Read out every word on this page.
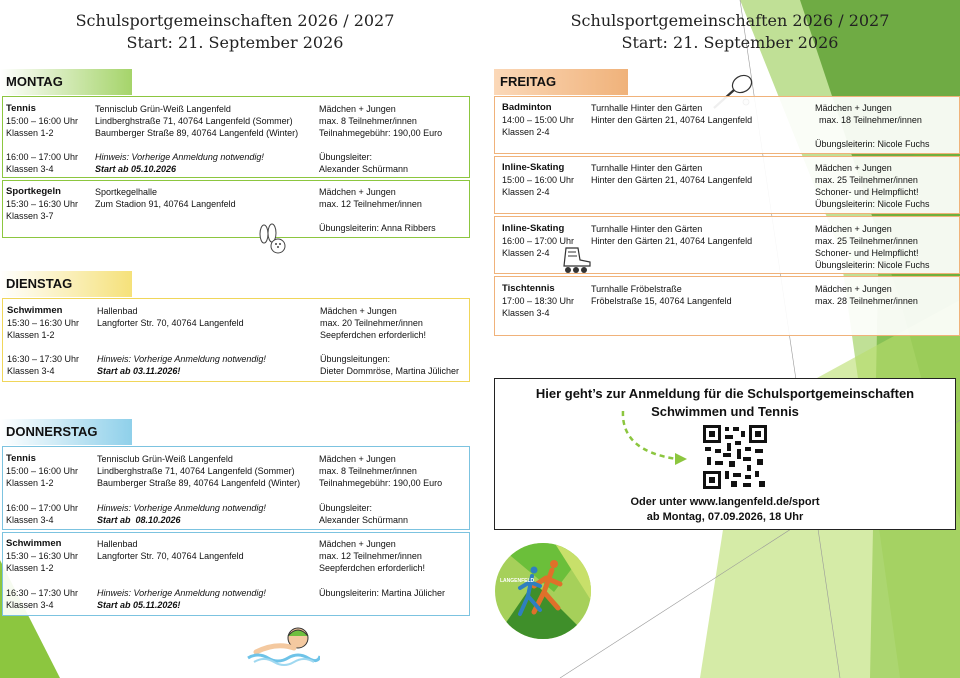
Schulsportgemeinschaften 2026 / 2027
Start: 21. September 2026
Schulsportgemeinschaften 2026 / 2027
Start: 21. September 2026
MONTAG
Tennis
15:00 – 16:00 Uhr
Klassen 1-2
16:00 – 17:00 Uhr
Klassen 3-4
Tennisclub Grün-Weiß Langenfeld
Lindberghstraße 71, 40764 Langenfeld (Sommer)
Baumberger Straße 89, 40764 Langenfeld (Winter)
Hinweis: Vorherige Anmeldung notwendig!
Start ab 05.10.2026
Mädchen + Jungen
max. 8 Teilnehmer/innen
Teilnahmegebühr: 190,00 Euro
Übungsleiter:
Alexander Schürmann
Sportkegeln
15:30 – 16:30 Uhr
Klassen 3-7
Sportkegelhalle
Zum Stadion 91, 40764 Langenfeld
Mädchen + Jungen
max. 12 Teilnehmer/innen
Übungsleiterin: Anna Ribbers
DIENSTAG
Schwimmen
15:30 – 16:30 Uhr
Klassen 1-2
16:30 – 17:30 Uhr
Klassen 3-4
Hallenbad
Langforter Str. 70, 40764 Langenfeld
Hinweis: Vorherige Anmeldung notwendig!
Start ab 03.11.2026!
Mädchen + Jungen
max. 20 Teilnehmer/innen
Seepferdchen erforderlich!
Übungsleitungen:
Dieter Dommröse, Martina Jülicher
DONNERSTAG
Tennis
15:00 – 16:00 Uhr
Klassen 1-2
16:00 – 17:00 Uhr
Klassen 3-4
Tennisclub Grün-Weiß Langenfeld
Lindberghstraße 71, 40764 Langenfeld (Sommer)
Baumberger Straße 89, 40764 Langenfeld (Winter)
Hinweis: Vorherige Anmeldung notwendig!
Start ab  08.10.2026
Mädchen + Jungen
max. 8 Teilnehmer/innen
Teilnahmegebühr: 190,00 Euro
Übungsleiter:
Alexander Schürmann
Schwimmen
15:30 – 16:30 Uhr
Klassen 1-2
16:30 – 17:30 Uhr
Klassen 3-4
Hallenbad
Langforter Str. 70, 40764 Langenfeld
Hinweis: Vorherige Anmeldung notwendig!
Start ab 05.11.2026!
Mädchen + Jungen
max. 12 Teilnehmer/innen
Seepferdchen erforderlich!
Übungsleiterin: Martina Jülicher
FREITAG
Badminton
14:00 – 15:00 Uhr
Klassen 2-4
Turnhalle Hinter den Gärten
Hinter den Gärten 21, 40764 Langenfeld
Mädchen + Jungen
max. 18 Teilnehmer/innen
Übungsleiterin: Nicole Fuchs
Inline-Skating
15:00 – 16:00 Uhr
Klassen 2-4
Turnhalle Hinter den Gärten
Hinter den Gärten 21, 40764 Langenfeld
Mädchen + Jungen
max. 25 Teilnehmer/innen
Schoner- und Helmpflicht!
Übungsleiterin: Nicole Fuchs
Inline-Skating
16:00 – 17:00 Uhr
Klassen 2-4
Turnhalle Hinter den Gärten
Hinter den Gärten 21, 40764 Langenfeld
Mädchen + Jungen
max. 25 Teilnehmer/innen
Schoner- und Helmpflicht!
Übungsleiterin: Nicole Fuchs
Tischtennis
17:00 – 18:30 Uhr
Klassen 3-4
Turnhalle Fröbelstraße
Fröbelstraße 15, 40764 Langenfeld
Mädchen + Jungen
max. 28 Teilnehmer/innen
Hier geht’s zur Anmeldung für die Schulsportgemeinschaften
Schwimmen und Tennis
Oder unter www.langenfeld.de/sport
ab Montag, 07.09.2026, 18 Uhr
LANGENFELD
